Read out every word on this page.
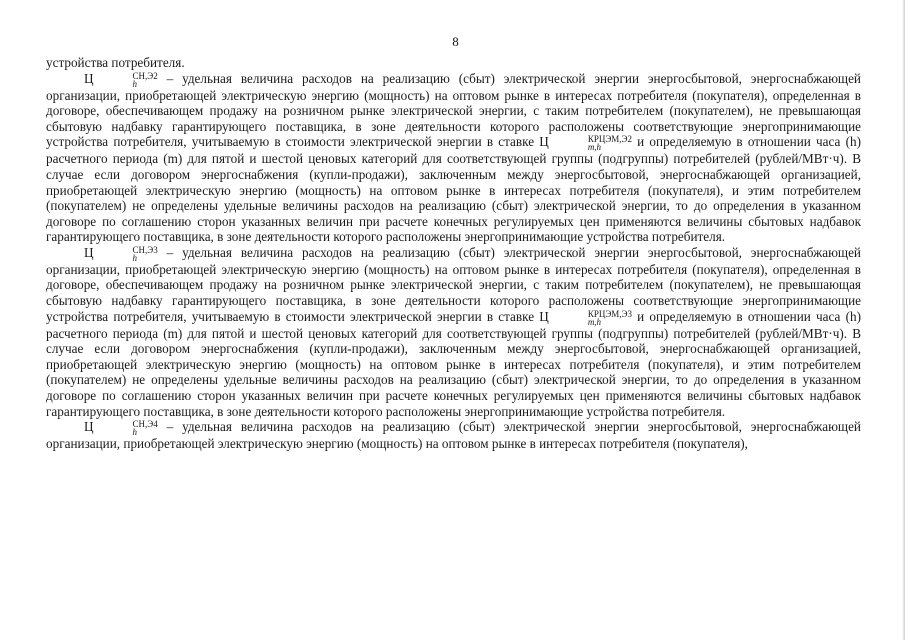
8

устройства потребителя.

Ц	СН,Э2
h	– удельная величина расходов на реализацию (сбыт) электрической энергии энергосбытовой, энергоснабжающей организации, приобретающей электрическую энергию (мощность) на оптовом рынке в интересах потребителя (покупателя), определенная в договоре, обеспечивающем продажу на розничном рынке электрической энергии, с таким потребителем (покупателем), не превышающая сбытовую надбавку гарантирующего поставщика, в зоне деятельности которого расположены соответствующие энергопринимающие устройства потребителя, учитываемую в стоимости электрической энергии в ставке Ц	КРЦЭМ,Э2
m,h	и определяемую в отношении часа (h) расчетного периода (m) для пятой и шестой ценовых категорий для соответствующей группы (подгруппы) потребителей (рублей/МВт·ч). В случае если договором энергоснабжения (купли-продажи), заключенным между энергосбытовой, энергоснабжающей организацией, приобретающей электрическую энергию (мощность) на оптовом рынке в интересах потребителя (покупателя), и этим потребителем (покупателем) не определены удельные величины расходов на реализацию (сбыт) электрической энергии, то до определения в указанном договоре по соглашению сторон указанных величин при расчете конечных регулируемых цен применяются величины сбытовых надбавок гарантирующего поставщика, в зоне деятельности которого расположены энергопринимающие устройства потребителя.

Ц	СН,Э3
h	– удельная величина расходов на реализацию (сбыт) электрической энергии энергосбытовой, энергоснабжающей организации, приобретающей электрическую энергию (мощность) на оптовом рынке в интересах потребителя (покупателя), определенная в договоре, обеспечивающем продажу на розничном рынке электрической энергии, с таким потребителем (покупателем), не превышающая сбытовую надбавку гарантирующего поставщика, в зоне деятельности которого расположены соответствующие энергопринимающие устройства потребителя, учитываемую в стоимости электрической энергии в ставке Ц	КРЦЭМ,Э3
m,h	и определяемую в отношении часа (h) расчетного периода (m) для пятой и шестой ценовых категорий для соответствующей группы (подгруппы) потребителей (рублей/МВт·ч). В случае если договором энергоснабжения (купли-продажи), заключенным между энергосбытовой, энергоснабжающей организацией, приобретающей электрическую энергию (мощность) на оптовом рынке в интересах потребителя (покупателя), и этим потребителем (покупателем) не определены удельные величины расходов на реализацию (сбыт) электрической энергии, то до определения в указанном договоре по соглашению сторон указанных величин при расчете конечных регулируемых цен применяются величины сбытовых надбавок гарантирующего поставщика, в зоне деятельности которого расположены энергопринимающие устройства потребителя.

Ц	СН,Э4
h	– удельная величина расходов на реализацию (сбыт) электрической энергии энергосбытовой, энергоснабжающей организации, приобретающей электрическую энергию (мощность) на оптовом рынке в интересах потребителя (покупателя),
